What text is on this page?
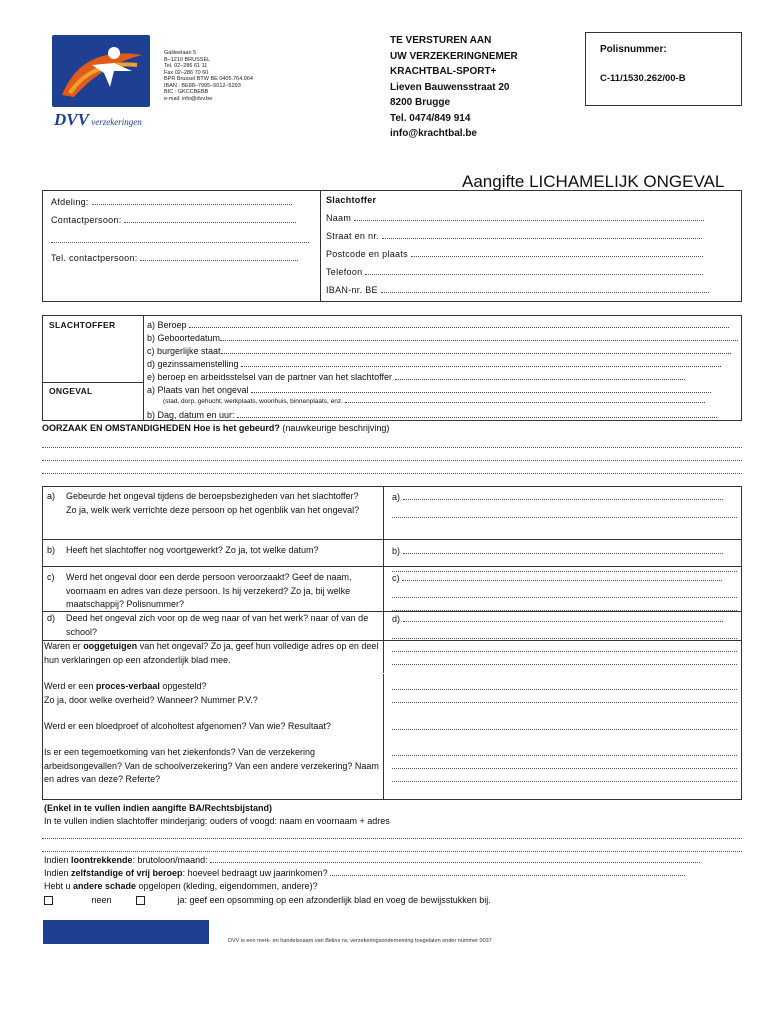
Galileelaan 5
B–1210 BRUSSEL
Tel. 02–286 61 11
Fax 02–286 70 60
BPR Brussel BTW BE 0405.764.064
IBAN : BE88–7995–5012–5293
BIC : GKCCBEBB
e-mail: info@dvv.be
DVV verzekeringen
TE VERSTUREN AAN
UW VERZEKERINGNEMER
KRACHTBAL-SPORT+
Lieven Bauwensstraat 20
8200 Brugge
Tel. 0474/849 914
info@krachtbal.be
Polisnummer:
C-11/1530.262/00-B
Aangifte LICHAMELIJK ONGEVAL
Afdeling:
Contactpersoon:
Tel. contactpersoon:
Slachtoffer
Naam
Straat en nr.
Postcode en plaats
Telefoon
IBAN-nr. BE
SLACHTOFFER
ONGEVAL
a) Beroep
b) Geboortedatum
c) burgerlijke staat
d) gezinssamenstelling
e) beroep en arbeidsstelsel van de partner van het slachtoffer
a) Plaats van het ongeval
(stad, dorp, gehucht, werkplaats, woonhuis, binnenplaats, enz.
b) Dag, datum en uur:
OORZAAK EN OMSTANDIGHEDEN Hoe is het gebeurd? (nauwkeurige beschrijving)
a) Gebeurde het ongeval tijdens de beroepsbezigheden van het slachtoffer? Zo ja, welk werk verrichte deze persoon op het ogenblik van het ongeval?
b) Heeft het slachtoffer nog voortgewerkt? Zo ja, tot welke datum?
c) Werd het ongeval door een derde persoon veroorzaakt? Geef de naam, voornaam en adres van deze persoon. Is hij verzekerd? Zo ja, bij welke maatschappij? Polisnummer?
d) Deed het ongeval zich voor op de weg naar of van het werk? naar of van de school?
Waren er ooggetuigen van het ongeval? Zo ja, geef hun volledige adres op en deel hun verklaringen op een afzonderlijk blad mee.
Werd er een proces-verbaal opgesteld?
Zo ja, door welke overheid? Wanneer? Nummer P.V.?
Werd er een bloedproef of alcoholtest afgenomen? Van wie? Resultaat?
Is er een tegemoetkoming van het ziekenfonds? Van de verzekering arbeidsongevallen? Van de schoolverzekering? Van een andere verzekering? Naam en adres van deze? Referte?
a)
b)
c)
d)
(Enkel in te vullen indien aangifte BA/Rechtsbijstand)
In te vullen indien slachtoffer minderjarig: ouders of voogd: naam en voornaam + adres
Indien loontrekkende: brutoloon/maand:
Indien zelfstandige of vrij beroep: hoeveel bedraagt uw jaarinkomen?
Hebt u andere schade opgelopen (kleding, eigendommen, andere)?
neen	ja: geef een opsomming op een afzonderlijk blad en voeg de bewijsstukken bij.
DVV is een merk- en handelsnaam van Belins nv, verzekeringsonderneming toegelaten onder nummer 0037
